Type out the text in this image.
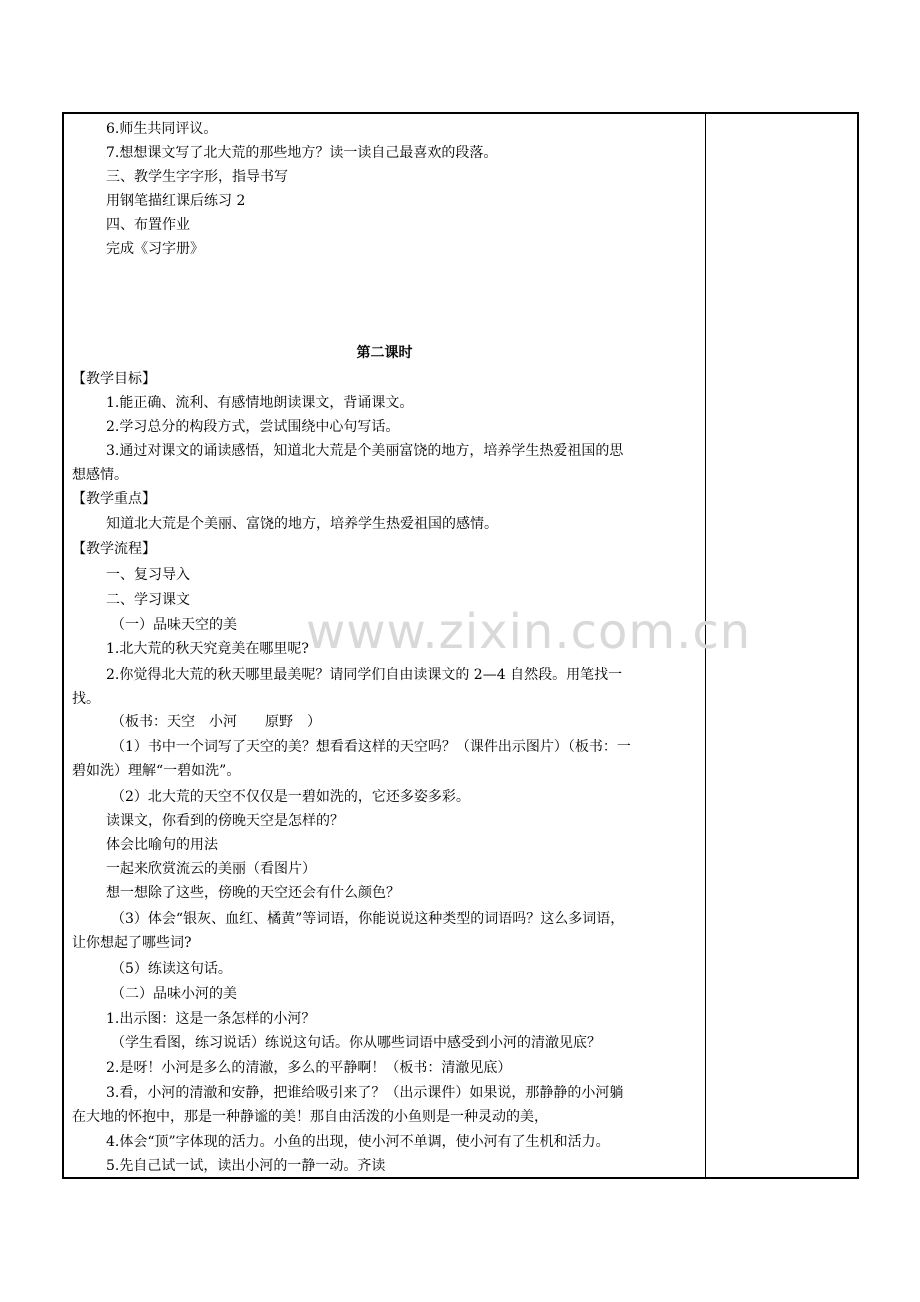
6.师生共同评议。
7.想想课文写了北大荒的那些地方？读一读自己最喜欢的段落。
三、教学生字字形，指导书写
用钢笔描红课后练习 2
四、布置作业
完成《习字册》
第二课时
【教学目标】
1.能正确、流利、有感情地朗读课文，背诵课文。
2.学习总分的构段方式，尝试围绕中心句写话。
3.通过对课文的诵读感悟，知道北大荒是个美丽富饶的地方，培养学生热爱祖国的思
想感情。
【教学重点】
知道北大荒是个美丽、富饶的地方，培养学生热爱祖国的感情。
【教学流程】
一、复习导入
二、学习课文
（一）品味天空的美
1.北大荒的秋天究竟美在哪里呢?
2.你觉得北大荒的秋天哪里最美呢？请同学们自由读课文的 2—4 自然段。用笔找一
找。
（板书：天空　小河　　原野　）
（1）书中一个词写了天空的美？想看看这样的天空吗？（课件出示图片）（板书：一
碧如洗）理解“一碧如洗”。
（2）北大荒的天空不仅仅是一碧如洗的，它还多姿多彩。
读课文，你看到的傍晚天空是怎样的？
体会比喻句的用法
一起来欣赏流云的美丽（看图片）
想一想除了这些，傍晚的天空还会有什么颜色？
（3）体会“银灰、血红、橘黄”等词语，你能说说这种类型的词语吗？这么多词语，
让你想起了哪些词?
（5）练读这句话。
（二）品味小河的美
1.出示图：这是一条怎样的小河？
（学生看图，练习说话）练说这句话。你从哪些词语中感受到小河的清澈见底？
2.是呀！小河是多么的清澈，多么的平静啊！（板书：清澈见底）
3.看，小河的清澈和安静，把谁给吸引来了？（出示课件）如果说，那静静的小河躺
在大地的怀抱中，那是一种静谧的美！那自由活泼的小鱼则是一种灵动的美，
4.体会“顶”字体现的活力。小鱼的出现，使小河不单调，使小河有了生机和活力。
5.先自己试一试，读出小河的一静一动。齐读
www.zixin.com.cn
